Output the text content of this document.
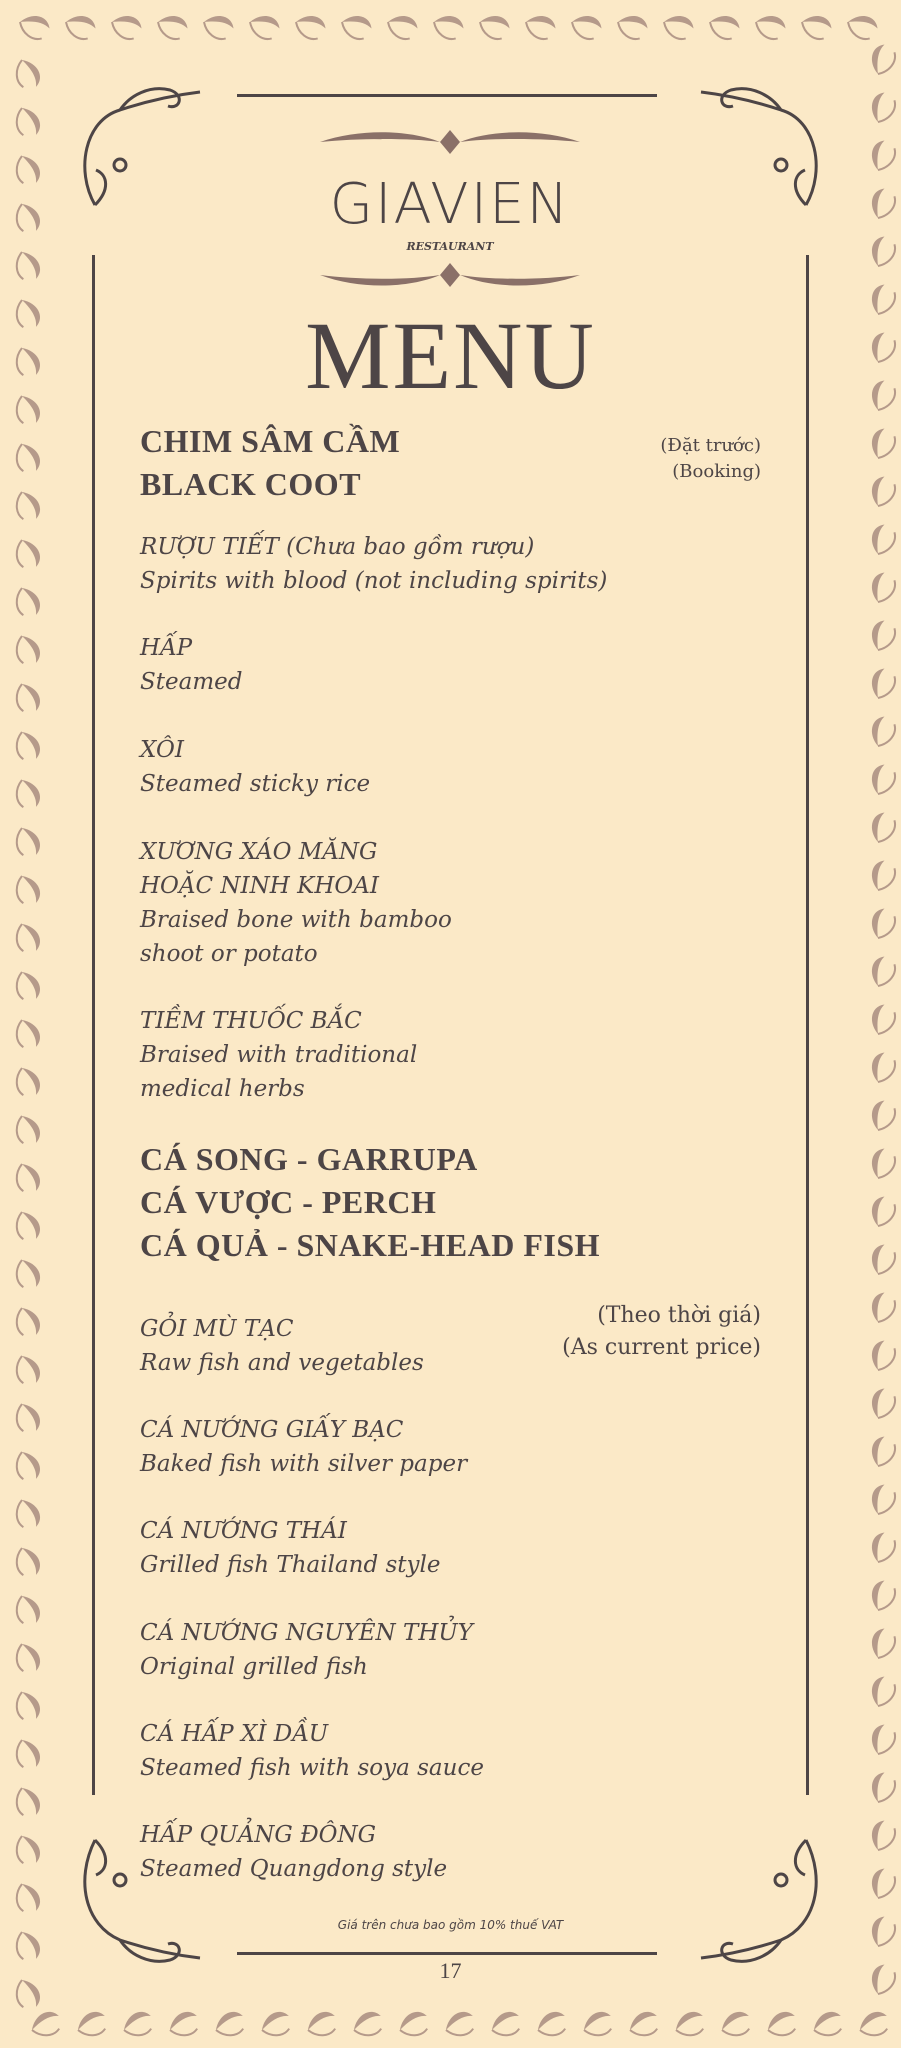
GIAVIEN
RESTAURANT
MENU
CHIM SÂM CẦM
BLACK COOT
(Đặt trước)
(Booking)
RƯỢU TIẾT (Chưa bao gồm rượu)
Spirits with blood (not including spirits)
HẤP
Steamed
XÔI
Steamed sticky rice
XƯƠNG XÁO MĂNG
HOẶC NINH KHOAI
Braised bone with bamboo
shoot or potato
TIỀM THUỐC BẮC
Braised with traditional
medical herbs
CÁ SONG - GARRUPA
CÁ VƯỢC - PERCH
CÁ QUẢ - SNAKE-HEAD FISH
(Theo thời giá)
(As current price)
GỎI MÙ TẠC
Raw fish and vegetables
CÁ NƯỚNG GIẤY BẠC
Baked fish with silver paper
CÁ NƯỚNG THÁI
Grilled fish Thailand style
CÁ NƯỚNG NGUYÊN THỦY
Original grilled fish
CÁ HẤP XÌ DẦU
Steamed fish with soya sauce
HẤP QUẢNG ĐÔNG
Steamed Quangdong style
Giá trên chưa bao gồm 10% thuế VAT
17
